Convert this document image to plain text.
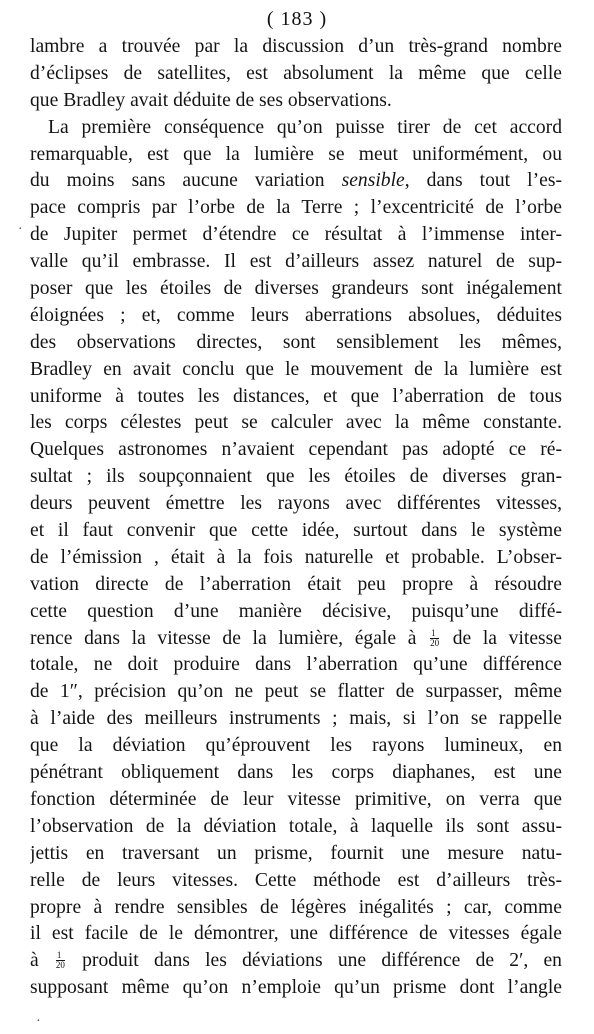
( 183 )
lambre a trouvée par la discussion d’un très-grand nombre
d’éclipses de satellites, est absolument la même que celle
que Bradley avait déduite de ses observations.
La première conséquence qu’on puisse tirer de cet accord
remarquable, est que la lumière se meut uniformément, ou
du moins sans aucune variation sensible, dans tout l’es-
pace compris par l’orbe de la Terre ; l’excentricité de l’orbe
de Jupiter permet d’étendre ce résultat à l’immense inter-
valle qu’il embrasse. Il est d’ailleurs assez naturel de sup-
poser que les étoiles de diverses grandeurs sont inégalement
éloignées ; et, comme leurs aberrations absolues, déduites
des observations directes, sont sensiblement les mêmes,
Bradley en avait conclu que le mouvement de la lumière est
uniforme à toutes les distances, et que l’aberration de tous
les corps célestes peut se calculer avec la même constante.
Quelques astronomes n’avaient cependant pas adopté ce ré-
sultat ; ils soupçonnaient que les étoiles de diverses gran-
deurs peuvent émettre les rayons avec différentes vitesses,
et il faut convenir que cette idée, surtout dans le système
de l’émission , était à la fois naturelle et probable. L’obser-
vation directe de l’aberration était peu propre à résoudre
cette question d’une manière décisive, puisqu’une diffé-
rence dans la vitesse de la lumière, égale à $\frac{1}{20}$ de la vitesse
totale, ne doit produire dans l’aberration qu’une différence
de 1″, précision qu’on ne peut se flatter de surpasser, même
à l’aide des meilleurs instruments ; mais, si l’on se rappelle
que la déviation qu’éprouvent les rayons lumineux, en
pénétrant obliquement dans les corps diaphanes, est une
fonction déterminée de leur vitesse primitive, on verra que
l’observation de la déviation totale, à laquelle ils sont assu-
jettis en traversant un prisme, fournit une mesure natu-
relle de leurs vitesses. Cette méthode est d’ailleurs très-
propre à rendre sensibles de légères inégalités ; car, comme
il est facile de le démontrer, une différence de vitesses égale
à $\frac{1}{20}$ produit dans les déviations une différence de 2′, en
supposant même qu’on n’emploie qu’un prisme dont l’angle
·
·
